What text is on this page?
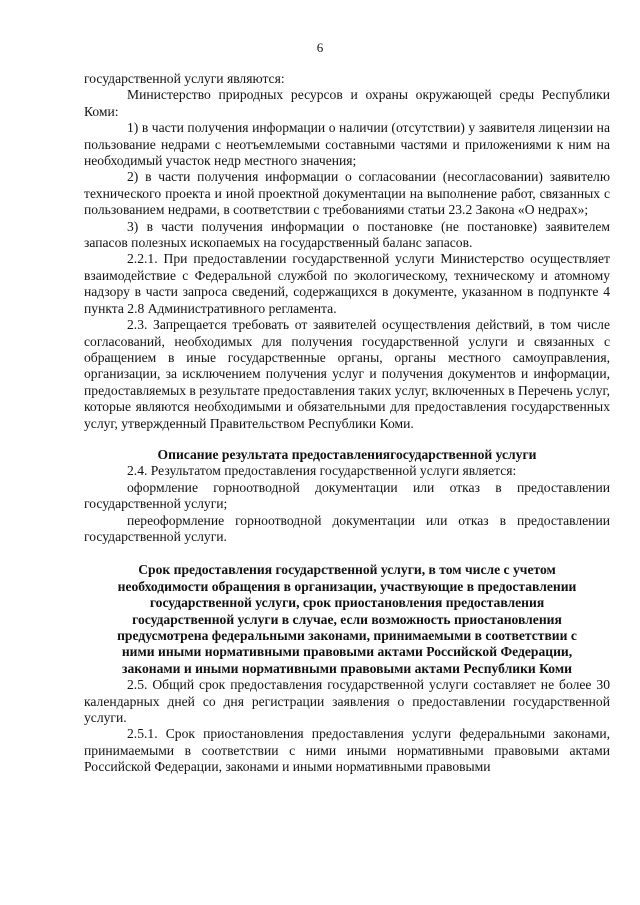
6

государственной услуги являются:

Министерство природных ресурсов и охраны окружающей среды Республики Коми:

1) в части получения информации о наличии (отсутствии) у заявителя лицензии на пользование недрами с неотъемлемыми составными частями и приложениями к ним на необходимый участок недр местного значения;

2) в части получения информации о согласовании (несогласовании) заявителю технического проекта и иной проектной документации на выполнение работ, связанных с пользованием недрами, в соответствии с требованиями статьи 23.2 Закона «О недрах»;

3) в части получения информации о постановке (не постановке) заявителем запасов полезных ископаемых на государственный баланс запасов.

2.2.1. При предоставлении государственной услуги Министерство осуществляет взаимодействие с Федеральной службой по экологическому, техническому и атомному надзору в части запроса сведений, содержащихся в документе, указанном в подпункте 4 пункта 2.8 Административного регламента.

2.3. Запрещается требовать от заявителей осуществления действий, в том числе согласований, необходимых для получения государственной услуги и связанных с обращением в иные государственные органы, органы местного самоуправления, организации, за исключением получения услуг и получения документов и информации, предоставляемых в результате предоставления таких услуг, включенных в Перечень услуг, которые являются необходимыми и обязательными для предоставления государственных услуг, утвержденный Правительством Республики Коми.

Описание результата предоставлениягосударственной услуги

2.4. Результатом предоставления государственной услуги является:

оформление горноотводной документации или отказ в предоставлении государственной услуги;

переоформление горноотводной документации или отказ в предоставлении государственной услуги.

Срок предоставления государственной услуги, в том числе с учетом
необходимости обращения в организации, участвующие в предоставлении
государственной услуги, срок приостановления предоставления
государственной услуги в случае, если возможность приостановления
предусмотрена федеральными законами, принимаемыми в соответствии с
ними иными нормативными правовыми актами Российской Федерации,
законами и иными нормативными правовыми актами Республики Коми

2.5. Общий срок предоставления государственной услуги составляет не более 30 календарных дней со дня регистрации заявления о предоставлении государственной услуги.

2.5.1. Срок приостановления предоставления услуги федеральными законами, принимаемыми в соответствии с ними иными нормативными правовыми актами Российской Федерации, законами и иными нормативными правовыми
